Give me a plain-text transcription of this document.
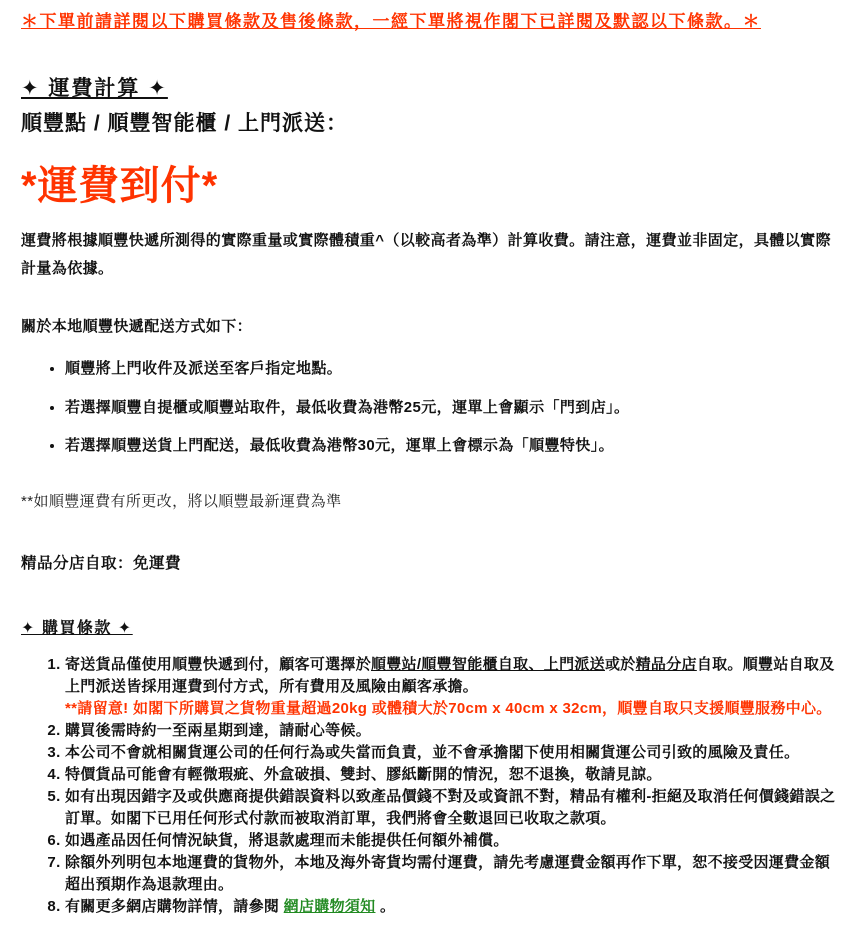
＊下單前請詳閱以下購買條款及售後條款，一經下單將視作閣下已詳閱及默認以下條款。＊
✦ 運費計算 ✦
順豐點 / 順豐智能櫃 / 上門派送：
*運費到付*
運費將根據順豐快遞所測得的實際重量或實際體積重^（以較高者為準）計算收費。請注意，運費並非固定，具體以實際計量為依據。
關於本地順豐快遞配送方式如下：
• 順豐將上門收件及派送至客戶指定地點。
• 若選擇順豐自提櫃或順豐站取件，最低收費為港幣25元，運單上會顯示「門到店」。
• 若選擇順豐送貨上門配送，最低收費為港幣30元，運單上會標示為「順豐特快」。
**如順豐運費有所更改，將以順豐最新運費為準
精品分店自取：免運費
✦ 購買條款 ✦
1. 寄送貨品僅使用順豐快遞到付，顧客可選擇於順豐站/順豐智能櫃自取、上門派送或於精品分店自取。順豐站自取及上門派送皆採用運費到付方式，所有費用及風險由顧客承擔。
**請留意! 如閣下所購買之貨物重量超過20kg 或體積大於70cm x 40cm x 32cm，順豐自取只支援順豐服務中心。
2. 購買後需時約一至兩星期到達，請耐心等候。
3. 本公司不會就相關貨運公司的任何行為或失當而負責，並不會承擔閣下使用相關貨運公司引致的風險及責任。
4. 特價貨品可能會有輕微瑕疵、外盒破損、雙封、膠紙斷開的情況，恕不退換，敬請見諒。
5. 如有出現因錯字及或供應商提供錯誤資料以致產品價錢不對及或資訊不對，精品有權利-拒絕及取消任何價錢錯誤之訂單。如閣下已用任何形式付款而被取消訂單，我們將會全數退回已收取之款項。
6. 如遇產品因任何情況缺貨，將退款處理而未能提供任何額外補償。
7. 除額外列明包本地運費的貨物外，本地及海外寄貨均需付運費，請先考慮運費金額再作下單，恕不接受因運費金額超出預期作為退款理由。
8. 有關更多網店購物詳情，請參閱 網店購物須知 。
